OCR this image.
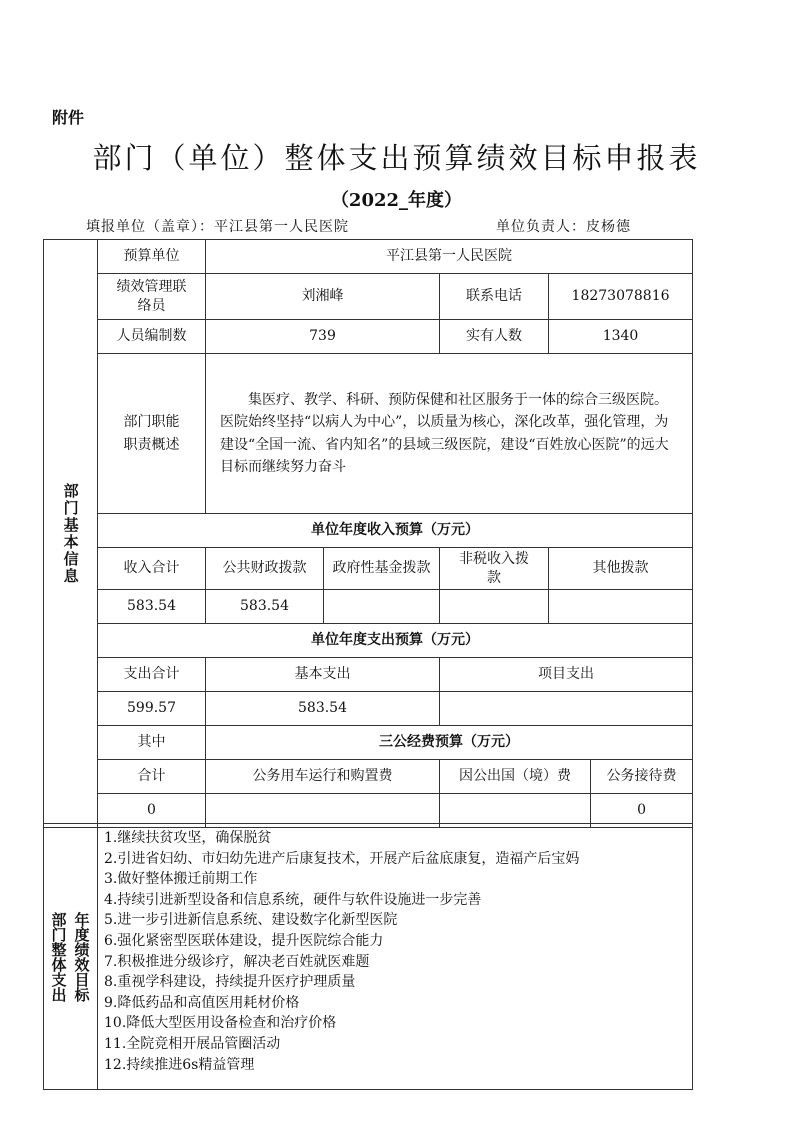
附件
部门（单位）整体支出预算绩效目标申报表
（2022_年度）
填报单位（盖章）：平江县第一人民医院	单位负责人：皮杨德
部门基本信息	预算单位	平江县第一人民医院				

	绩效管理联络员	刘湘峰		联系电话	18273078816	
	人员编制数	739		实有人数	1340	

	部门职能职责概述	集医疗、教学、科研、预防保健和社区服务于一体的综合三级医院。医院始终坚持“以病人为中心”，以质量为核心，深化改革，强化管理，为建设“全国一流、省内知名”的县域三级医院，建设“百姓放心医院”的远大目标而继续努力奋斗				

	单位年度收入预算（万元）					
	收入合计	公共财政拨款	政府性基金拨款	非税收入拨款	其他拨款	
	583.54	583.54				
	单位年度支出预算（万元）					
	支出合计	基本支出		项目支出		
	599.57	583.54				
	其中	三公经费预算（万元）				
	合计	公务用车运行和购置费		因公出国（境）费		公务接待费
	0					0
年度绩效目标
部门整体支出

1.继续扶贫攻坚，确保脱贫
2.引进省妇幼、市妇幼先进产后康复技术，开展产后盆底康复，造福产后宝妈
3.做好整体搬迁前期工作
4.持续引进新型设备和信息系统，硬件与软件设施进一步完善
5.进一步引进新信息系统、建设数字化新型医院
6.强化紧密型医联体建设，提升医院综合能力
7.积极推进分级诊疗，解决老百姓就医难题
8.重视学科建设，持续提升医疗护理质量
9.降低药品和高值医用耗材价格
10.降低大型医用设备检查和治疗价格
11.全院竞相开展品管圈活动
12.持续推进6s精益管理
